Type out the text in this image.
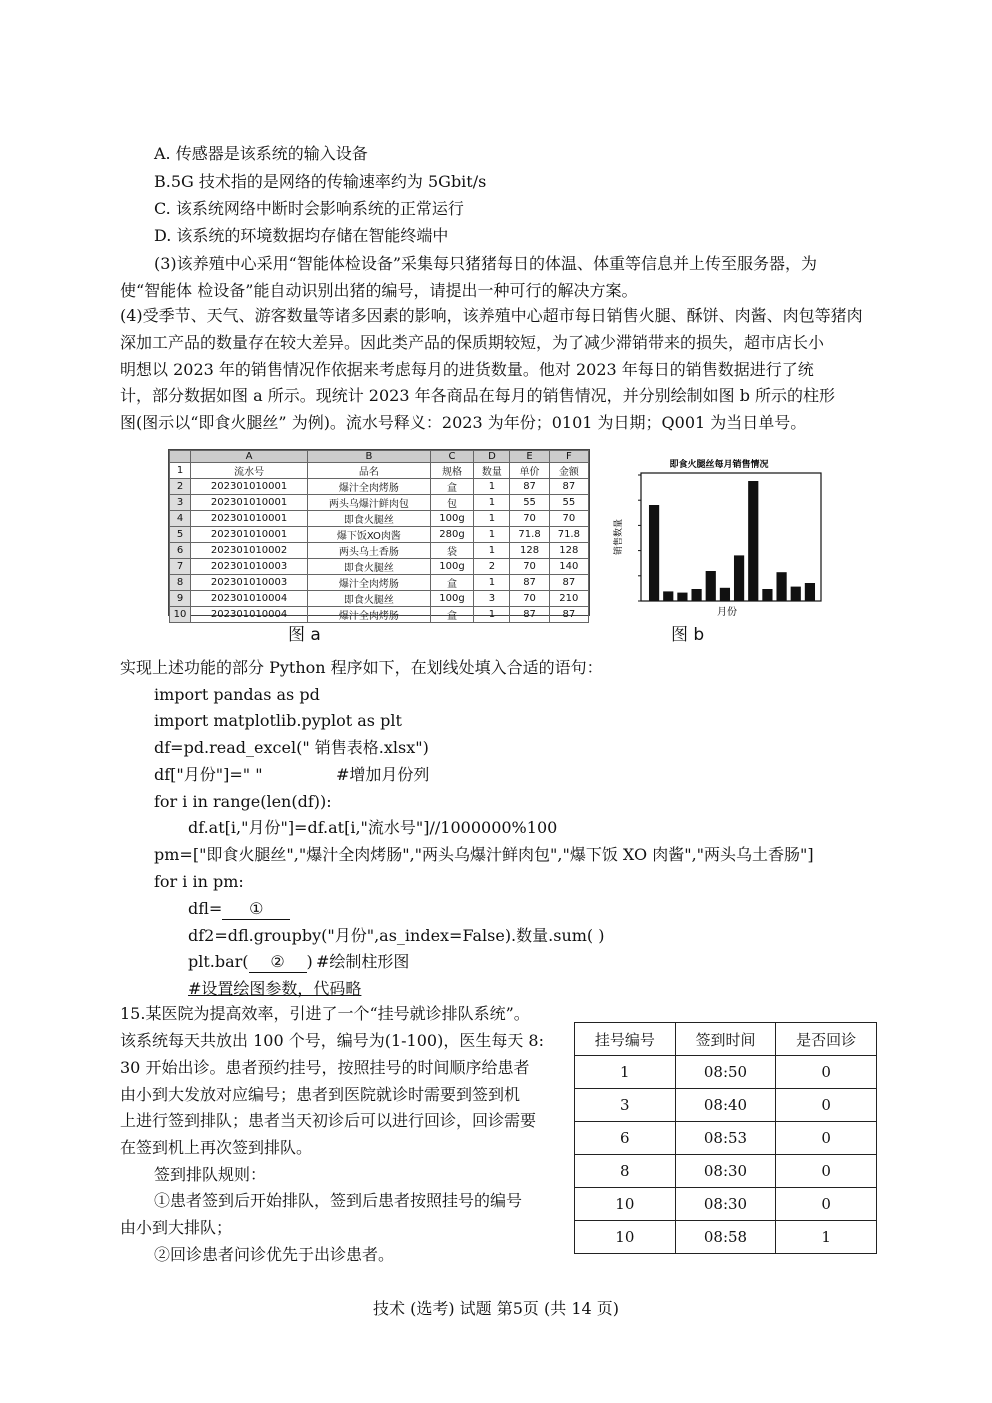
A. 传感器是该系统的输入设备
B.5G 技术指的是网络的传输速率约为 5Gbit/s
C. 该系统网络中断时会影响系统的正常运行
D. 该系统的环境数据均存储在智能终端中
(3)该养殖中心采用“智能体检设备”采集每只猪猪每日的体温、体重等信息并上传至服务器，为
使“智能体 检设备”能自动识别出猪的编号，请提出一种可行的解决方案。
(4)受季节、天气、游客数量等诸多因素的影响，该养殖中心超市每日销售火腿、酥饼、肉酱、肉包等猪肉
深加工产品的数量存在较大差异。因此类产品的保质期较短，为了减少滞销带来的损失，超市店长小
明想以 2023 年的销售情况作依据来考虑每月的进货数量。他对 2023 年每日的销售数据进行了统
计，部分数据如图 a 所示。现统计 2023 年各商品在每月的销售情况，并分别绘制如图 b 所示的柱形
图(图示以“即食火腿丝” 为例)。流水号释义：2023 为年份；0101 为日期；Q001 为当日单号。
	A	B	C	D	E	F
1	流水号	品名	规格	数量	单价	金额
2	202301010001	爆汁全肉烤肠	盒	1	87	87
3	202301010001	两头乌爆汁鲜肉包	包	1	55	55
4	202301010001	即食火腿丝	100g	1	70	70
5	202301010001	爆下饭XO肉酱	280g	1	71.8	71.8
6	202301010002	两头乌土香肠	袋	1	128	128
7	202301010003	即食火腿丝	100g	2	70	140
8	202301010003	爆汁全肉烤肠	盒	1	87	87
9	202301010004	即食火腿丝	100g	3	70	210
10	202301010004	爆汁全肉烤肠	盒	1	87	87
图 a
即食火腿丝每月销售情况
月份
销售数量
图 b
实现上述功能的部分 Python 程序如下，在划线处填入合适的语句：
import pandas as pd
import matplotlib.pyplot as plt
df=pd.read_excel(" 销售表格.xlsx")
df["月份"]=" "	#增加月份列
for i in range(len(df)):
df.at[i,"月份"]=df.at[i,"流水号"]//1000000%100
pm=["即食火腿丝","爆汁全肉烤肠","两头乌爆汁鲜肉包","爆下饭 XO 肉酱","两头乌土香肠"]
for i in pm:
dfl= ①
df2=dfl.groupby("月份",as_index=False).数量.sum( )
plt.bar( ② ) #绘制柱形图
#设置绘图参数，代码略
15.某医院为提高效率，引进了一个“挂号就诊排队系统”。
该系统每天共放出 100 个号，编号为(1-100)，医生每天 8:
30 开始出诊。患者预约挂号，按照挂号的时间顺序给患者
由小到大发放对应编号；患者到医院就诊时需要到签到机
上进行签到排队；患者当天初诊后可以进行回诊，回诊需要
在签到机上再次签到排队。
签到排队规则：
①患者签到后开始排队，签到后患者按照挂号的编号
由小到大排队；
②回诊患者问诊优先于出诊患者。
挂号编号	签到时间	是否回诊
1	08:50	0
3	08:40	0
6	08:53	0
8	08:30	0
10	08:30	0
10	08:58	1
技术 (选考) 试题 第5页 (共 14 页)
